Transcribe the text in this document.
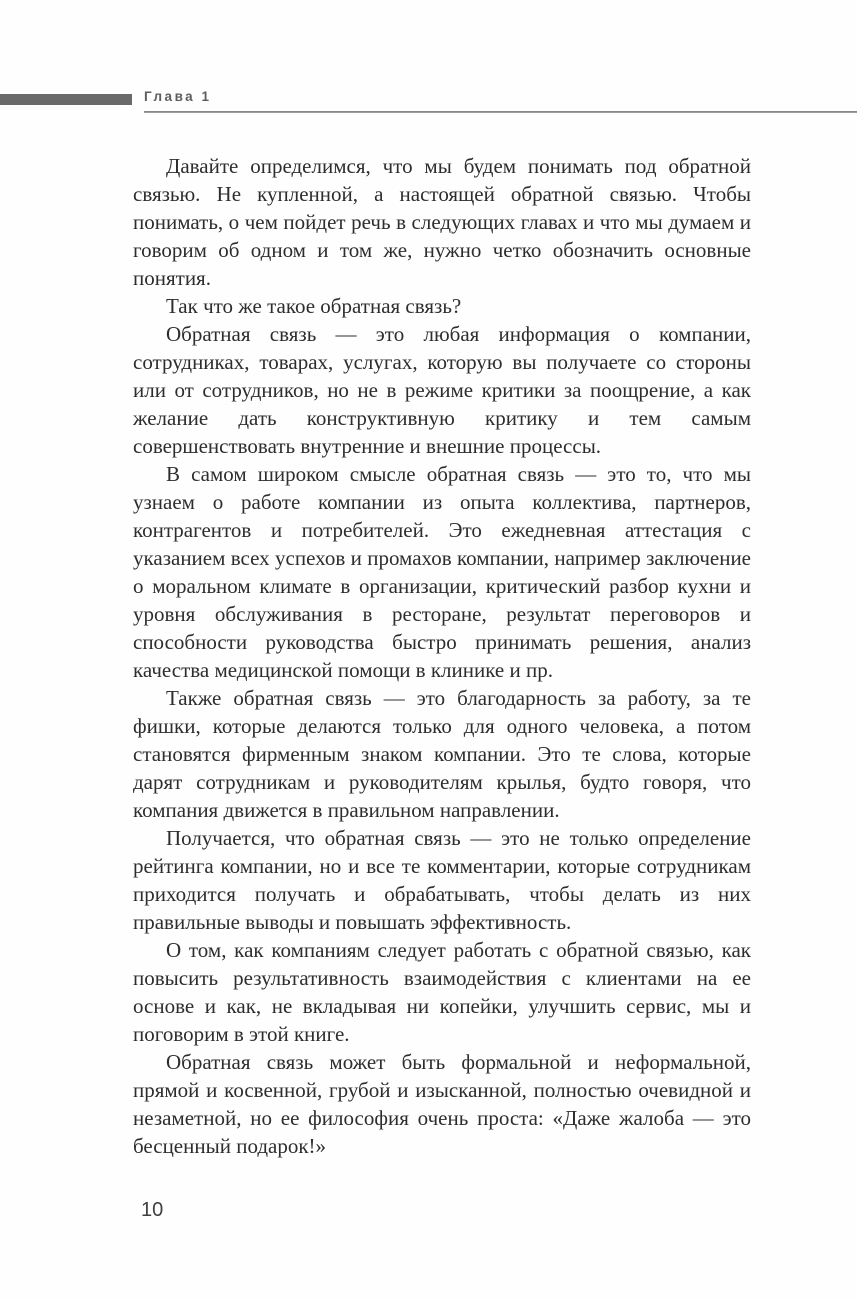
Глава 1

Давайте определимся, что мы будем понимать под обратной связью. Не купленной, а настоящей обратной связью. Чтобы понимать, о чем пойдет речь в следующих главах и что мы думаем и говорим об одном и том же, нужно четко обозначить основные понятия.

Так что же такое обратная связь?

Обратная связь — это любая информация о компании, сотрудниках, товарах, услугах, которую вы получаете со стороны или от сотрудников, но не в режиме критики за поощрение, а как желание дать конструктивную критику и тем самым совершенствовать внутренние и внешние процессы.

В самом широком смысле обратная связь — это то, что мы узнаем о работе компании из опыта коллектива, партнеров, контрагентов и потребителей. Это ежедневная аттестация с указанием всех успехов и промахов компании, например заключение о моральном климате в организации, критический разбор кухни и уровня обслуживания в ресторане, результат переговоров и способности руководства быстро принимать решения, анализ качества медицинской помощи в клинике и пр.

Также обратная связь — это благодарность за работу, за те фишки, которые делаются только для одного человека, а потом становятся фирменным знаком компании. Это те слова, которые дарят сотрудникам и руководителям крылья, будто говоря, что компания движется в правильном направлении.

Получается, что обратная связь — это не только определение рейтинга компании, но и все те комментарии, которые сотрудникам приходится получать и обрабатывать, чтобы делать из них правильные выводы и повышать эффективность.

О том, как компаниям следует работать с обратной связью, как повысить результативность взаимодействия с клиентами на ее основе и как, не вкладывая ни копейки, улучшить сервис, мы и поговорим в этой книге.

Обратная связь может быть формальной и неформальной, прямой и косвенной, грубой и изысканной, полностью очевидной и незаметной, но ее философия очень проста: «Даже жалоба — это бесценный подарок!»

10
